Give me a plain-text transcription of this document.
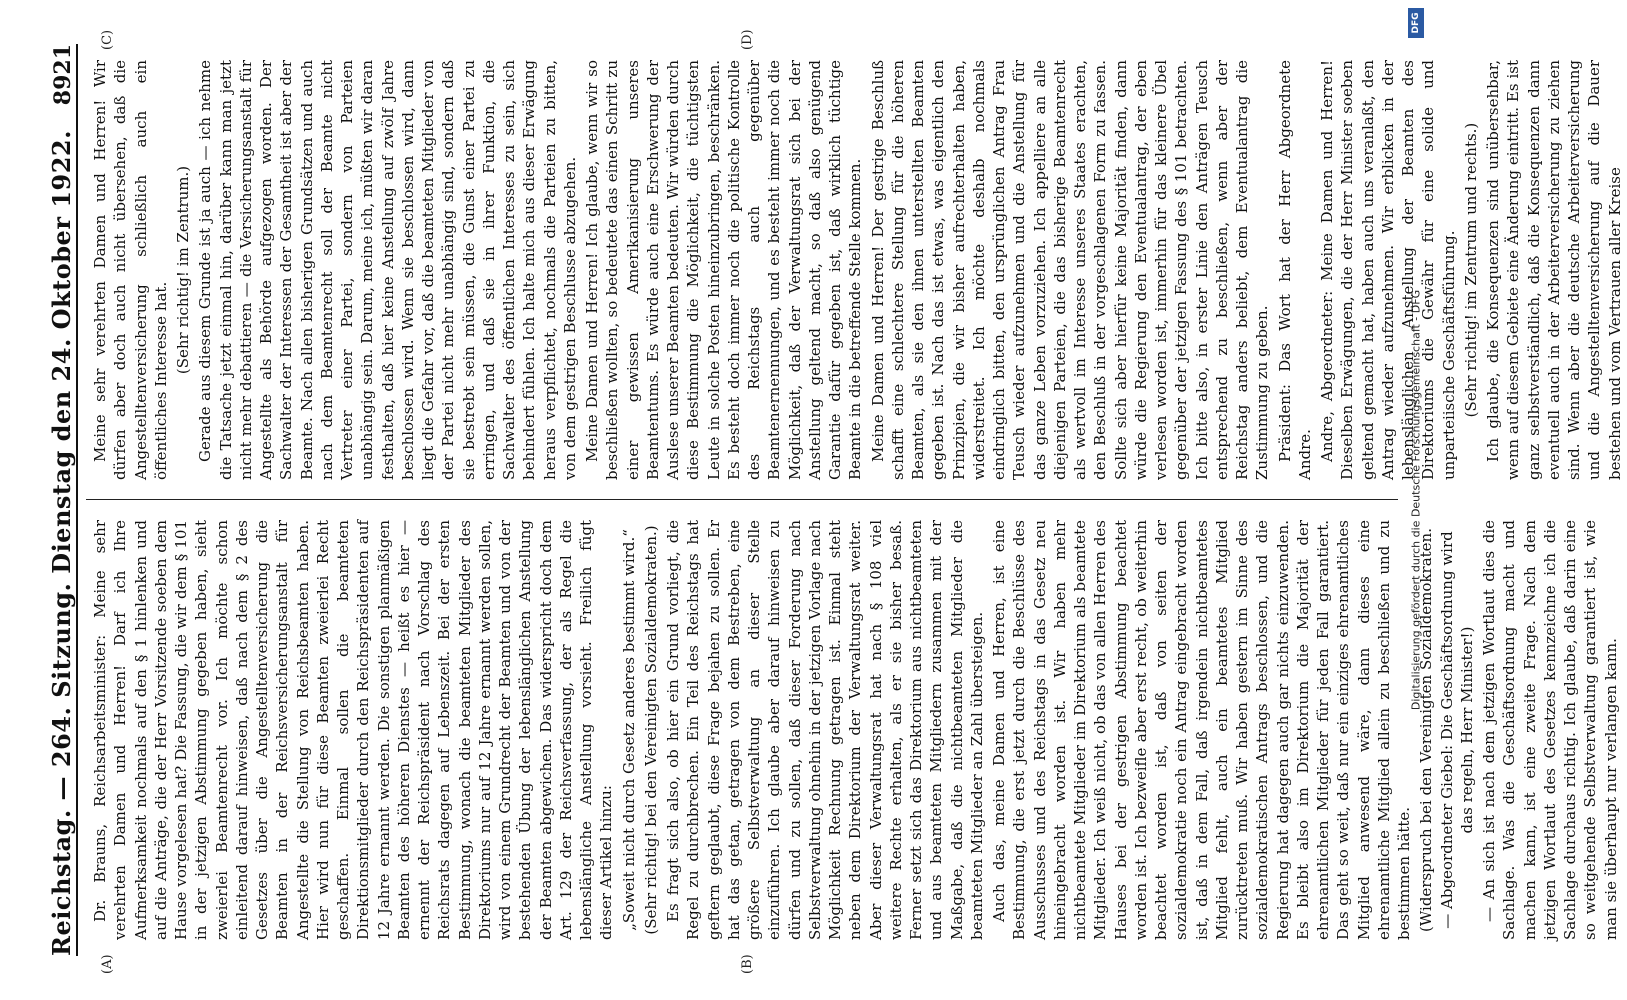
Reichstag. — 264. Sitzung. Dienstag den 24. Oktober 1922.
8921
(A)	(B)
(C)	(D)

Dr. Brauns, Reichsarbeitsminister: Meine sehr verehrten Damen und Herren! Darf ich Ihre Aufmerksamkeit nochmals auf den § 1 hinlenken und auf die Anträge, die der Herr Vorsitzende soeben dem Hause vorgelesen hat? Die Fassung, die wir dem § 101 in der jetzigen Abstimmung gegeben haben, sieht zweierlei Beamtenrecht vor. Ich möchte schon einleitend darauf hinweisen, daß nach dem § 2 des Gesetzes über die Angestelltenversicherung die Beamten in der Reichsversicherungsanstalt für Angestellte die Stellung von Reichsbeamten haben. Hier wird nun für diese Beamten zweierlei Recht geschaffen. Einmal sollen die beamteten Direktionsmitglieder durch den Reichspräsidenten auf 12 Jahre ernannt werden. Die sonstigen planmäßigen Beamten des höheren Dienstes — heißt es hier — ernennt der Reichspräsident nach Vorschlag des Reichsrats dagegen auf Lebenszeit. Bei der ersten Bestimmung, wonach die beamteten Mitglieder des Direktoriums nur auf 12 Jahre ernannt werden sollen, wird von einem Grundrecht der Beamten und von der bestehenden Übung der lebenslänglichen Anstellung der Beamten abgewichen. Das widerspricht doch dem Art. 129 der Reichsverfassung, der als Regel die lebenslängliche Anstellung vorsieht. Freilich fügt dieser Artikel hinzu: „Soweit nicht durch Gesetz anderes bestimmt wird.“ (Sehr richtig! bei den Vereinigten Sozialdemokraten.) Es fragt sich also, ob hier ein Grund vorliegt, die Regel zu durchbrechen. Ein Teil des Reichstags hat geftern geglaubt, diese Frage bejahen zu sollen. Er hat das getan, getragen von dem Bestreben, eine größere Selbstverwaltung an dieser Stelle einzuführen. Ich glaube aber darauf hinweisen zu dürfen und zu sollen, daß dieser Forderung nach Selbstverwaltung ohnehin in der jetzigen Vorlage nach Möglichkeit Rechnung getragen ist. Einmal steht neben dem Direktorium der Verwaltungsrat weiter. Aber dieser Verwaltungsrat hat nach § 108 viel weitere Rechte erhalten, als er sie bisher besaß. Ferner setzt sich das Direktorium aus nichtbeamteten und aus beamteten Mitgliedern zusammen mit der Maßgabe, daß die nichtbeamteten Mitglieder die beamteten Mitglieder an Zahl übersteigen. Auch das, meine Damen und Herren, ist eine Bestimmung, die erst jetzt durch die Beschlüsse des Ausschusses und des Reichstags in das Gesetz neu hineingebracht worden ist. Wir haben mehr nichtbeamtete Mitglieder im Direktorium als beamtete Mitglieder. Ich weiß nicht, ob das von allen Herren des Hauses bei der gestrigen Abstimmung beachtet worden ist. Ich bezweifle aber erst recht, ob weiterhin beachtet worden ist, daß von seiten der sozialdemokratie noch ein Antrag eingebracht worden ist, daß in dem Fall, daß irgendein nichtbeamtetes Mitglied fehlt, auch ein beamtetes Mitglied zurücktreten muß. Wir haben gestern im Sinne des sozialdemokratischen Antrags beschlossen, und die Regierung hat dagegen auch gar nichts einzuwenden. Es bleibt also im Direktorium die Majorität der ehrenamtlichen Mitglieder für jeden Fall garantiert. Das geht so weit, daß nur ein einziges ehrenamtliches Mitglied anwesend wäre, dann dieses eine ehrenamtliche Mitglied allein zu beschließen und zu bestimmen hätte. (Widerspruch bei den Vereinigten Sozialdemokraten. — Abgeordneter Giebel: Die Geschäftsordnung wird das regeln, Herr Minister!) — An sich ist nach dem jetzigen Wortlaut dies die Sachlage. Was die Geschäftsordnung macht und machen kann, ist eine zweite Frage. Nach dem jetzigen Wortlaut des Gesetzes kennzeichne ich die Sachlage durchaus richtig. Ich glaube, daß darin eine so weitgehende Selbstverwaltung garantiert ist, wie man sie überhaupt nur verlangen kann.

Meine sehr verehrten Damen und Herren! Wir dürfen aber doch auch nicht übersehen, daß die Angestelltenversicherung schließlich auch ein öffentliches Interesse hat.

(Sehr richtig! im Zentrum.) Gerade aus diesem Grunde ist ja auch — ich nehme die Tatsache jetzt einmal hin, darüber kann man jetzt nicht mehr debattieren — die Versicherungsanstalt für Angestellte als Behörde aufgezogen worden. Der Sachwalter der Interessen der Gesamtheit ist aber der Beamte. Nach allen bisherigen Grundsätzen und auch nach dem Beamtenrecht soll der Beamte nicht Vertreter einer Partei, sondern von Parteien unabhängig sein. Darum, meine ich, müßten wir daran festhalten, daß hier keine Anstellung auf zwölf Jahre beschlossen wird. Wenn sie beschlossen wird, dann liegt die Gefahr vor, daß die beamteten Mitglieder von der Partei nicht mehr unabhängig sind, sondern daß sie bestrebt sein müssen, die Gunst einer Partei zu erringen, und daß sie in ihrer Funktion, die Sachwalter des öffentlichen Interesses zu sein, sich behindert fühlen. Ich halte mich aus dieser Erwägung heraus verpflichtet, nochmals die Parteien zu bitten, von dem gestrigen Beschlusse abzugehen. Meine Damen und Herren! Ich glaube, wenn wir so beschließen wollten, so bedeutete das einen Schritt zu einer gewissen Amerikanisierung unseres Beamtentums. Es würde auch eine Erschwerung der Auslese unserer Beamten bedeuten. Wir würden durch diese Bestimmung die Möglichkeit, die tüchtigsten Leute in solche Posten hineinzubringen, beschränken. Es besteht doch immer noch die politische Kontrolle des Reichstags auch gegenüber Beamtenernennungen, und es besteht immer noch die Möglichkeit, daß der Verwaltungsrat sich bei der Anstellung geltend macht, so daß also genügend Garantie dafür gegeben ist, daß wirklich tüchtige Beamte in die betreffende Stelle kommen. Meine Damen und Herren! Der gestrige Beschluß schafft eine schlechtere Stellung für die höheren Beamten, als sie den ihnen unterstellten Beamten gegeben ist. Nach das ist etwas, was eigentlich den Prinzipien, die wir bisher aufrechterhalten haben, widerstreitet. Ich möchte deshalb nochmals eindringlich bitten, den ursprünglichen Antrag Frau Teusch wieder aufzunehmen und die Anstellung für das ganze Leben vorzuziehen. Ich appelliere an alle diejenigen Parteien, die das bisherige Beamtenrecht als wertvoll im Interesse unseres Staates erachten, den Beschluß in der vorgeschlagenen Form zu fassen. Sollte sich aber hierfür keine Majorität finden, dann würde die Regierung den Eventualantrag, der eben verlesen worden ist, immerhin für das kleinere Übel gegenüber der jetzigen Fassung des § 101 betrachten. Ich bitte also, in erster Linie den Anträgen Teusch entsprechend zu beschließen, wenn aber der Reichstag anders beliebt, dem Eventualantrag die Zustimmung zu geben. Präsident: Das Wort hat der Herr Abgeordnete Andre. Andre, Abgeordneter: Meine Damen und Herren! Dieselben Erwägungen, die der Herr Minister soeben geltend gemacht hat, haben auch uns veranlaßt, den Antrag wieder aufzunehmen. Wir erblicken in der lebenslänglichen Anstellung der Beamten des Direktoriums die Gewähr für eine solide und unparteiische Geschäftsführung. (Sehr richtig! im Zentrum und rechts.) Ich glaube, die Konsequenzen sind unübersehbar, wenn auf diesem Gebiete eine Änderung eintritt. Es ist ganz selbstverständlich, daß die Konsequenzen dann eventuell auch in der Arbeiterversicherung zu ziehen sind. Wenn aber die deutsche Arbeiterversicherung und die Angestelltenversicherung auf die Dauer bestehen und vom Vertrauen aller Kreise

DFG
Digitalisierung gefördert durch die Deutsche Forschungsgemeinschaft - DFG
